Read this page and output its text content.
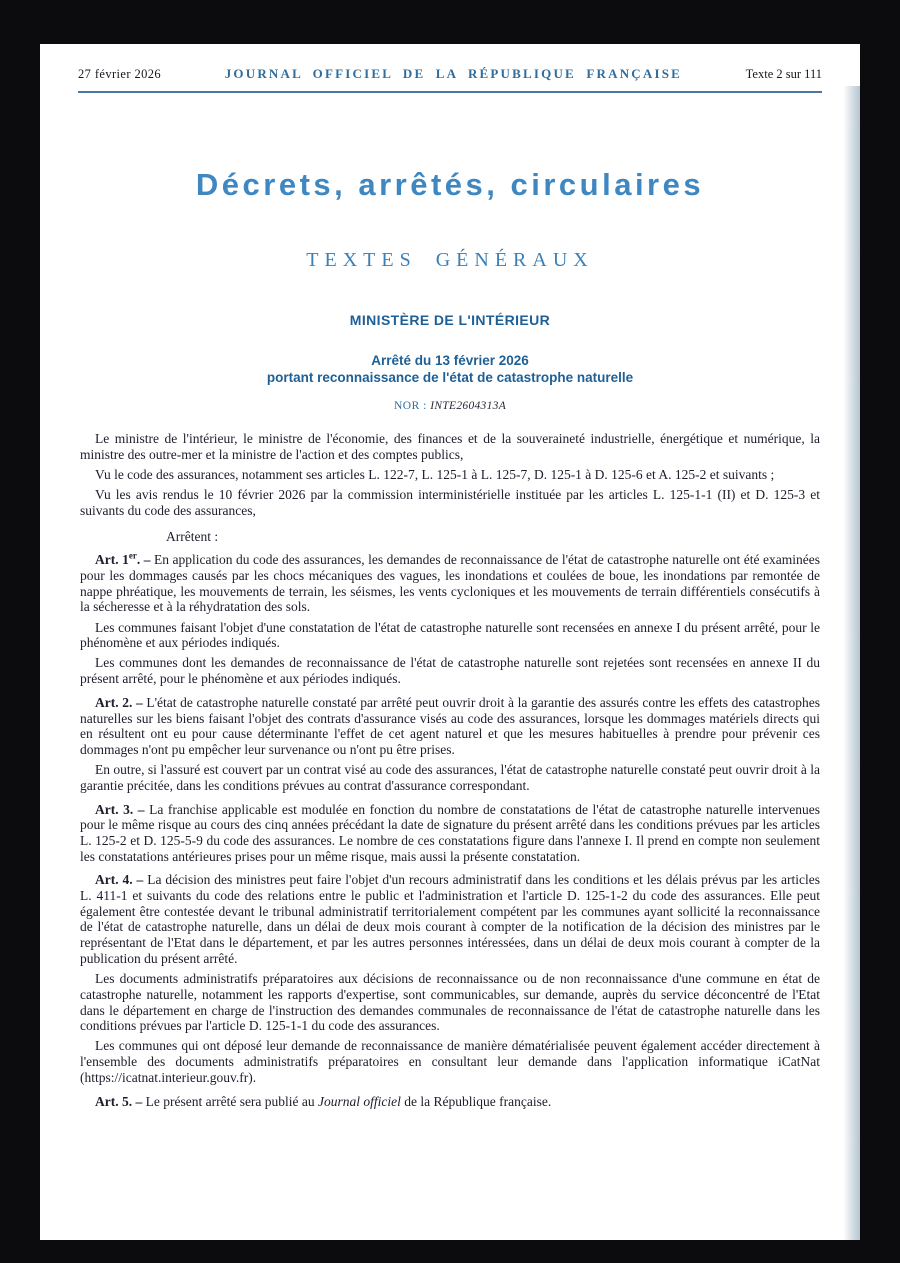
27 février 2026	JOURNAL OFFICIEL DE LA RÉPUBLIQUE FRANÇAISE	Texte 2 sur 111
Décrets, arrêtés, circulaires
TEXTES GÉNÉRAUX
MINISTÈRE DE L'INTÉRIEUR
Arrêté du 13 février 2026
portant reconnaissance de l'état de catastrophe naturelle
NOR : INTE2604313A

Le ministre de l'intérieur, le ministre de l'économie, des finances et de la souveraineté industrielle, énergétique et numérique, la ministre des outre-mer et la ministre de l'action et des comptes publics,

Vu le code des assurances, notamment ses articles L. 122-7, L. 125-1 à L. 125-7, D. 125-1 à D. 125-6 et A. 125-2 et suivants ;

Vu les avis rendus le 10 février 2026 par la commission interministérielle instituée par les articles L. 125-1-1 (II) et D. 125-3 et suivants du code des assurances,

Arrêtent :

Art. 1er. – En application du code des assurances, les demandes de reconnaissance de l'état de catastrophe naturelle ont été examinées pour les dommages causés par les chocs mécaniques des vagues, les inondations et coulées de boue, les inondations par remontée de nappe phréatique, les mouvements de terrain, les séismes, les vents cycloniques et les mouvements de terrain différentiels consécutifs à la sécheresse et à la réhydratation des sols.

Les communes faisant l'objet d'une constatation de l'état de catastrophe naturelle sont recensées en annexe I du présent arrêté, pour le phénomène et aux périodes indiqués.

Les communes dont les demandes de reconnaissance de l'état de catastrophe naturelle sont rejetées sont recensées en annexe II du présent arrêté, pour le phénomène et aux périodes indiqués.

Art. 2. – L'état de catastrophe naturelle constaté par arrêté peut ouvrir droit à la garantie des assurés contre les effets des catastrophes naturelles sur les biens faisant l'objet des contrats d'assurance visés au code des assurances, lorsque les dommages matériels directs qui en résultent ont eu pour cause déterminante l'effet de cet agent naturel et que les mesures habituelles à prendre pour prévenir ces dommages n'ont pu empêcher leur survenance ou n'ont pu être prises.

En outre, si l'assuré est couvert par un contrat visé au code des assurances, l'état de catastrophe naturelle constaté peut ouvrir droit à la garantie précitée, dans les conditions prévues au contrat d'assurance correspondant.

Art. 3. – La franchise applicable est modulée en fonction du nombre de constatations de l'état de catastrophe naturelle intervenues pour le même risque au cours des cinq années précédant la date de signature du présent arrêté dans les conditions prévues par les articles L. 125-2 et D. 125-5-9 du code des assurances. Le nombre de ces constatations figure dans l'annexe I. Il prend en compte non seulement les constatations antérieures prises pour un même risque, mais aussi la présente constatation.

Art. 4. – La décision des ministres peut faire l'objet d'un recours administratif dans les conditions et les délais prévus par les articles L. 411-1 et suivants du code des relations entre le public et l'administration et l'article D. 125-1-2 du code des assurances. Elle peut également être contestée devant le tribunal administratif territorialement compétent par les communes ayant sollicité la reconnaissance de l'état de catastrophe naturelle, dans un délai de deux mois courant à compter de la notification de la décision des ministres par le représentant de l'Etat dans le département, et par les autres personnes intéressées, dans un délai de deux mois courant à compter de la publication du présent arrêté.

Les documents administratifs préparatoires aux décisions de reconnaissance ou de non reconnaissance d'une commune en état de catastrophe naturelle, notamment les rapports d'expertise, sont communicables, sur demande, auprès du service déconcentré de l'Etat dans le département en charge de l'instruction des demandes communales de reconnaissance de l'état de catastrophe naturelle dans les conditions prévues par l'article D. 125-1-1 du code des assurances.

Les communes qui ont déposé leur demande de reconnaissance de manière dématérialisée peuvent également accéder directement à l'ensemble des documents administratifs préparatoires en consultant leur demande dans l'application informatique iCatNat (https://icatnat.interieur.gouv.fr).

Art. 5. – Le présent arrêté sera publié au Journal officiel de la République française.
